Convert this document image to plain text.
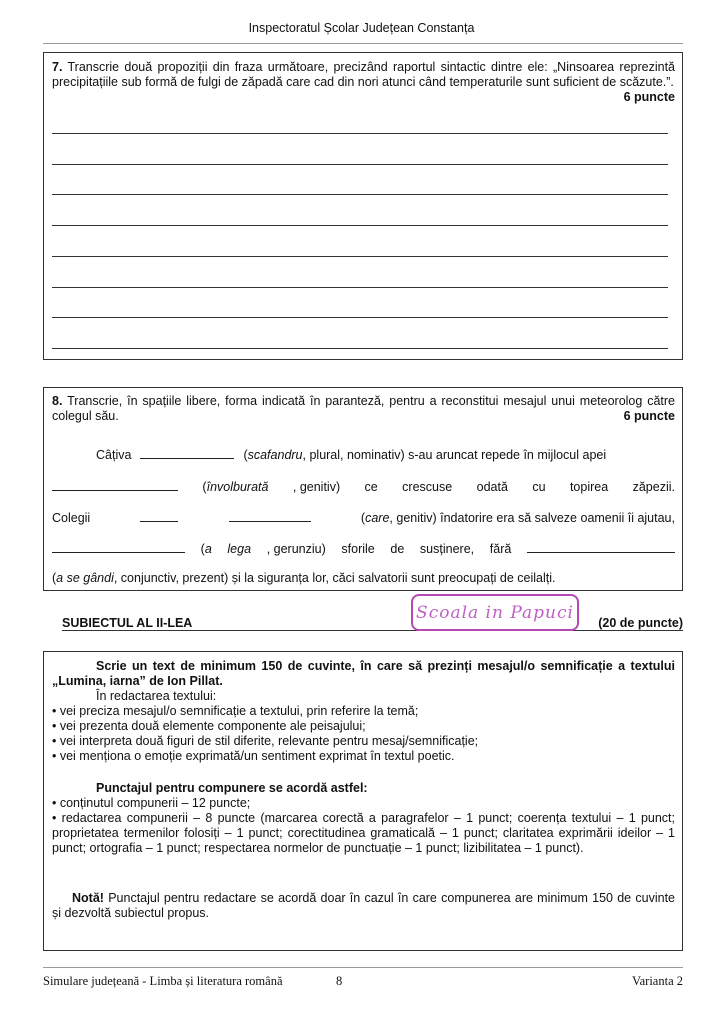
Inspectoratul Școlar Județean Constanța
7. Transcrie două propoziții din fraza următoare, precizând raportul sintactic dintre ele: „Ninsoarea reprezintă precipitațiile sub formă de fulgi de zăpadă care cad din nori atunci când temperaturile sunt suficient de scăzute.”.
6 puncte
8. Transcrie, în spațiile libere, forma indicată în paranteză, pentru a reconstitui mesajul unui meteorolog către colegul său.	6 puncte
Câțiva	(scafandru, plural, nominativ) s-au aruncat repede în mijlocul apei
(învolburată , genitiv) ce crescuse odată cu topirea zăpezii.
Colegii	(care, genitiv) îndatorire era să salveze oamenii îi ajutau,
(a lega , gerunziu) sforile de susținere, fără
(a se gândi, conjunctiv, prezent) și la siguranța lor, căci salvatorii sunt preocupați de ceilalți.
SUBIECTUL AL II-LEA	(20 de puncte)
Scoala in Papuci
Scrie un text de minimum 150 de cuvinte, în care să prezinți mesajul/o semnificație a textului „Lumina, iarna” de Ion Pillat.
În redactarea textului:
• vei preciza mesajul/o semnificație a textului, prin referire la temă;
• vei prezenta două elemente componente ale peisajului;
• vei interpreta două figuri de stil diferite, relevante pentru mesaj/semnificație;
• vei menționa o emoție exprimată/un sentiment exprimat în textul poetic.
Punctajul pentru compunere se acordă astfel:
• conținutul compunerii – 12 puncte;
• redactarea compunerii – 8 puncte (marcarea corectă a paragrafelor – 1 punct; coerența textului – 1 punct; proprietatea termenilor folosiți – 1 punct; corectitudinea gramaticală – 1 punct; claritatea exprimării ideilor – 1 punct; ortografia – 1 punct; respectarea normelor de punctuație – 1 punct; lizibilitatea – 1 punct).
Notă! Punctajul pentru redactare se acordă doar în cazul în care compunerea are minimum 150 de cuvinte și dezvoltă subiectul propus.
Simulare județeană - Limba și literatura română	8	Varianta 2
